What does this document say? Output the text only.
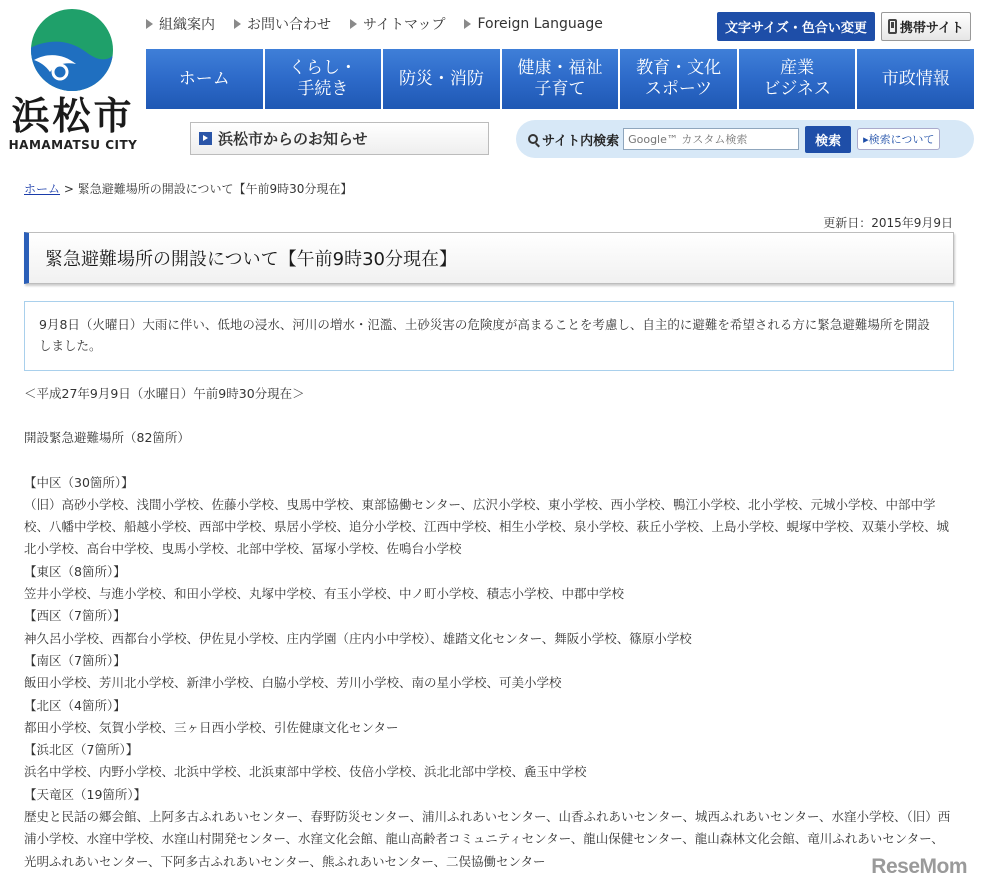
浜松市
HAMAMATSU CITY
組織案内 お問い合わせ サイトマップ Foreign Language	文字サイズ・色合い変更	携帯サイト
ホーム
くらし・
手続き
防災・消防
健康・福祉
子育て
教育・文化
スポーツ
産業
ビジネス
市政情報
浜松市からのお知らせ	サイト内検索
Google™ カスタム検索	検索	▸検索について
ホーム > 緊急避難場所の開設について【午前9時30分現在】
更新日：2015年9月9日
緊急避難場所の開設について【午前9時30分現在】
9月8日（火曜日）大雨に伴い、低地の浸水、河川の増水・氾濫、土砂災害の危険度が高まることを考慮し、自主的に避難を希望される方に緊急避難場所を開設しました。

＜平成27年9月9日（水曜日）午前9時30分現在＞

開設緊急避難場所（82箇所）

【中区（30箇所）】

（旧）高砂小学校、浅間小学校、佐藤小学校、曳馬中学校、東部協働センター、広沢小学校、東小学校、西小学校、鴨江小学校、北小学校、元城小学校、中部中学校、八幡中学校、船越小学校、西部中学校、県居小学校、追分小学校、江西中学校、相生小学校、泉小学校、萩丘小学校、上島小学校、蜆塚中学校、双葉小学校、城北小学校、高台中学校、曳馬小学校、北部中学校、冨塚小学校、佐鳴台小学校

【東区（8箇所）】

笠井小学校、与進小学校、和田小学校、丸塚中学校、有玉小学校、中ノ町小学校、積志小学校、中郡中学校

【西区（7箇所）】

神久呂小学校、西都台小学校、伊佐見小学校、庄内学園（庄内小中学校）、雄踏文化センター、舞阪小学校、篠原小学校

【南区（7箇所）】

飯田小学校、芳川北小学校、新津小学校、白脇小学校、芳川小学校、南の星小学校、可美小学校

【北区（4箇所）】

都田小学校、気賀小学校、三ヶ日西小学校、引佐健康文化センター

【浜北区（7箇所）】

浜名中学校、内野小学校、北浜中学校、北浜東部中学校、伎倍小学校、浜北北部中学校、麁玉中学校

【天竜区（19箇所）】

歴史と民話の郷会館、上阿多古ふれあいセンター、春野防災センター、浦川ふれあいセンター、山香ふれあいセンター、城西ふれあいセンター、水窪小学校、（旧）西浦小学校、水窪中学校、水窪山村開発センター、水窪文化会館、龍山高齢者コミュニティセンター、龍山保健センター、龍山森林文化会館、竜川ふれあいセンター、光明ふれあいセンター、下阿多古ふれあいセンター、熊ふれあいセンター、二俣協働センター	ReseMom
